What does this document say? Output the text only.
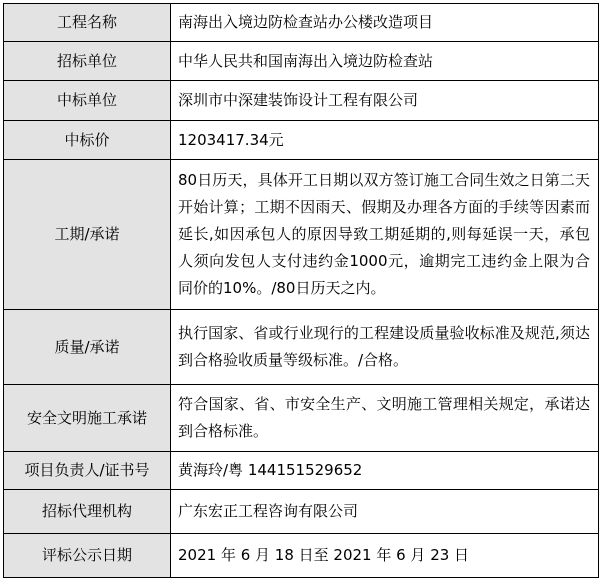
工程名称	南海出入境边防检查站办公楼改造项目
招标单位	中华人民共和国南海出入境边防检查站
中标单位	深圳市中深建装饰设计工程有限公司
中标价	1203417.34元
工期/承诺	80日历天，具体开工日期以双方签订施工合同生效之日第二天开始计算；工期不因雨天、假期及办理各方面的手续等因素而延长,如因承包人的原因导致工期延期的,则每延误一天，承包人须向发包人支付违约金1000元，逾期完工违约金上限为合同价的10%。/80日历天之内。
质量/承诺	执行国家、省或行业现行的工程建设质量验收标准及规范,须达到合格验收质量等级标准。/合格。
安全文明施工承诺	符合国家、省、市安全生产、文明施工管理相关规定，承诺达到合格标准。
项目负责人/证书号	黄海玲/粤 144151529652
招标代理机构	广东宏正工程咨询有限公司
评标公示日期	2021 年 6 月 18 日至 2021 年 6 月 23 日
